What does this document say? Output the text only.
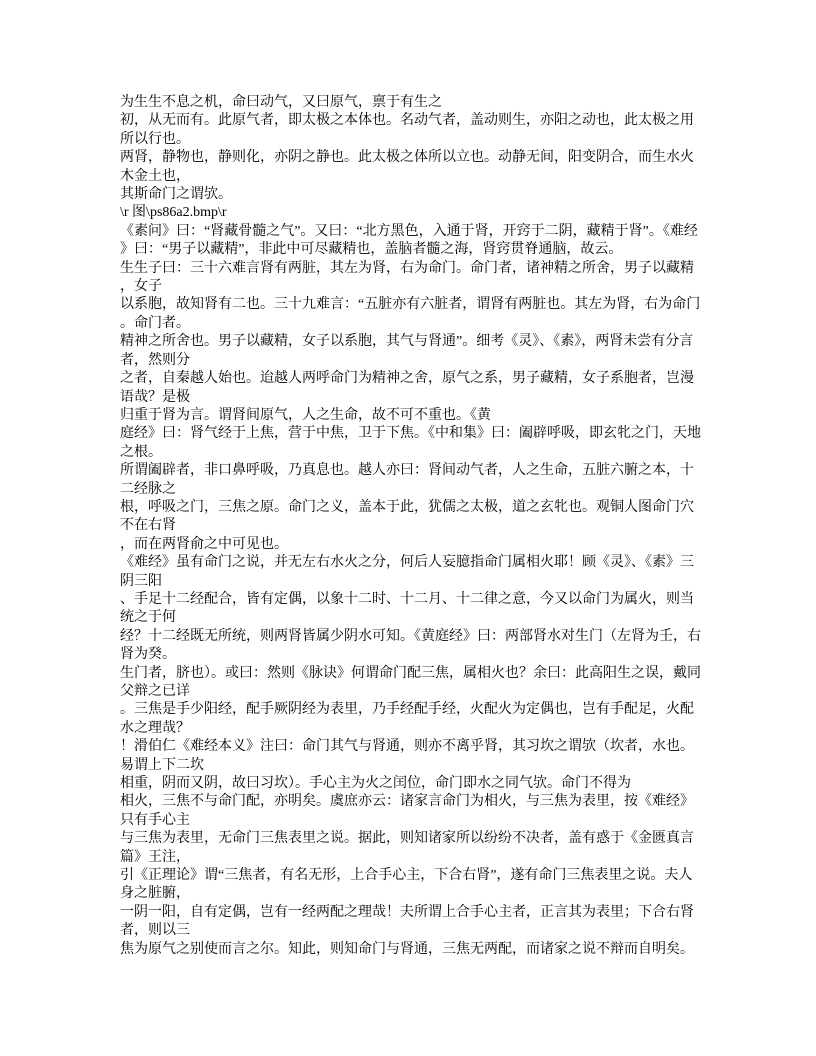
为生生不息之机，命曰动气，又曰原气，禀于有生之

初，从无而有。此原气者，即太极之本体也。名动气者，盖动则生，亦阳之动也，此太极之用所以行也。

两肾，静物也，静则化，亦阴之静也。此太极之体所以立也。动静无间，阳变阴合，而生水火木金土也，

其斯命门之谓欤。

\r 图\ps86a2.bmp\r

《素问》曰：“肾藏骨髓之气”。又曰：“北方黑色，入通于肾，开窍于二阴，藏精于肾”。《难经》曰：“男子以藏精”，非此中可尽藏精也，盖脑者髓之海，肾窍贯脊通脑，故云。

生生子曰：三十六难言肾有两脏，其左为肾，右为命门。命门者，诸神精之所舍，男子以藏精，女子

以系胞，故知肾有二也。三十九难言：“五脏亦有六脏者，谓肾有两脏也。其左为肾，右为命门。命门者。

精神之所舍也。男子以藏精，女子以系胞，其气与肾通”。细考《灵》、《素》，两肾未尝有分言者，然则分

之者，自秦越人始也。迨越人两呼命门为精神之舍，原气之系，男子藏精，女子系胞者，岂漫语哉？是极

归重于肾为言。谓肾间原气，人之生命，故不可不重也。《黄

庭经》曰：肾气经于上焦，营于中焦，卫于下焦。《中和集》曰：阖辟呼吸，即玄牝之门，天地之根。

所谓阖辟者，非口鼻呼吸，乃真息也。越人亦曰：肾间动气者，人之生命，五脏六腑之本，十二经脉之

根，呼吸之门，三焦之原。命门之义，盖本于此，犹儒之太极，道之玄牝也。观铜人图命门穴不在右肾

，而在两肾俞之中可见也。

《难经》虽有命门之说，并无左右水火之分，何后人妄臆指命门属相火耶！顾《灵》、《素》三阴三阳

、手足十二经配合，皆有定偶，以象十二时、十二月、十二律之意，今又以命门为属火，则当统之于何

经？十二经既无所统，则两肾皆属少阴水可知。《黄庭经》曰：两部肾水对生门（左肾为壬，右肾为癸。

生门者，脐也）。或曰：然则《脉诀》何谓命门配三焦，属相火也？余曰：此高阳生之误，戴同父辩之已详

。三焦是手少阳经，配手厥阴经为表里，乃手经配手经，火配火为定偶也，岂有手配足，火配水之理哉？

！滑伯仁《难经本义》注曰：命门其气与肾通，则亦不离乎肾，其习坎之谓欤（坎者，水也。易谓上下二坎

相重，阴而又阴，故曰习坎）。手心主为火之闰位，命门即水之同气欤。命门不得为

相火，三焦不与命门配，亦明矣。虞庶亦云：诸家言命门为相火，与三焦为表里，按《难经》只有手心主

与三焦为表里，无命门三焦表里之说。据此，则知诸家所以纷纷不决者，盖有惑于《金匮真言篇》王注，

引《正理论》谓“三焦者，有名无形，上合手心主，下合右肾”，遂有命门三焦表里之说。夫人身之脏腑，

一阴一阳，自有定偶，岂有一经两配之理哉！夫所谓上合手心主者，正言其为表里；下合右肾者，则以三

焦为原气之别使而言之尔。知此，则知命门与肾通，三焦无两配，而诸家之说不辩而自明矣。
